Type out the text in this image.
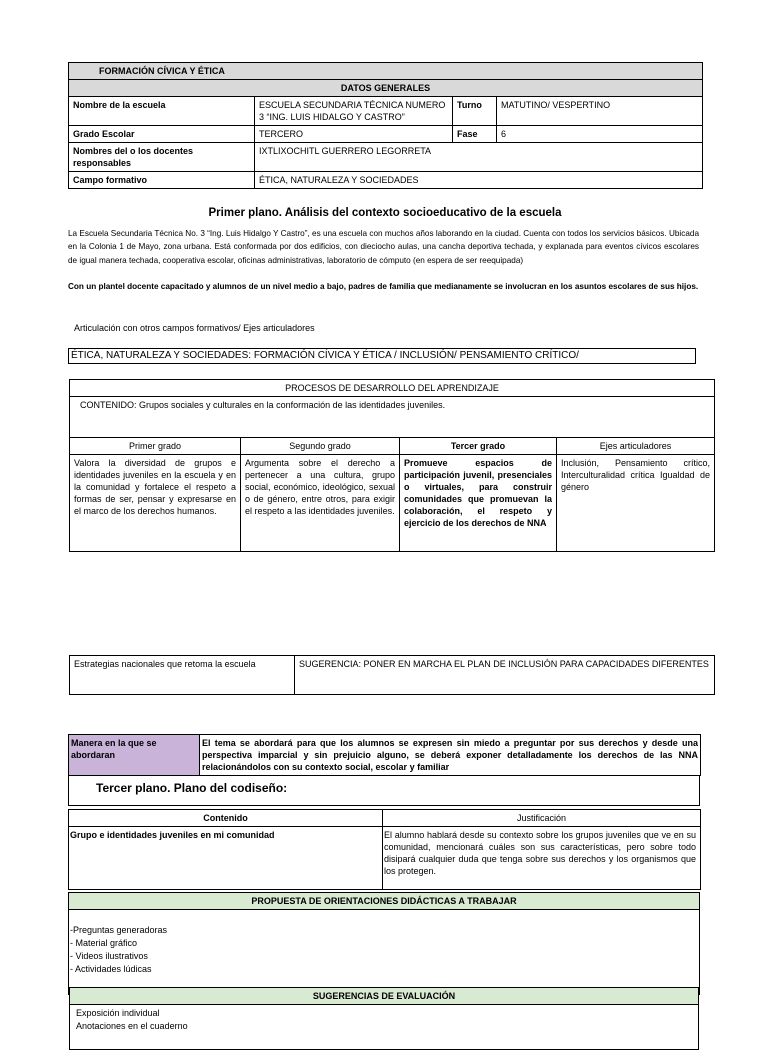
FORMACIÓN CÍVICA Y ÉTICA			
DATOS GENERALES			
Nombre de la escuela	ESCUELA SECUNDARIA TÉCNICA NUMERO
3 “ING. LUIS HIDALGO Y CASTRO”	Turno	MATUTINO/ VESPERTINO
Grado Escolar	TERCERO	Fase	6
Nombres del o los docentes responsables	IXTLIXOCHITL GUERRERO LEGORRETA		
Campo formativo	ÉTICA, NATURALEZA Y SOCIEDADES		
Primer plano. Análisis del contexto socioeducativo de la escuela
La Escuela Secundaria Técnica No. 3 “Ing. Luis Hidalgo Y Castro”, es una escuela con muchos años laborando en la ciudad. Cuenta con todos los servicios básicos. Ubicada en la Colonia 1 de Mayo, zona urbana. Está conformada por dos edificios, con dieciocho aulas, una cancha deportiva techada, y explanada para eventos cívicos escolares de igual manera techada, cooperativa escolar, oficinas administrativas, laboratorio de cómputo (en espera de ser reequipada)
Con un plantel docente capacitado y alumnos de un nivel medio a bajo, padres de familia que medianamente se involucran en los asuntos escolares de sus hijos.
Articulación con otros campos formativos/ Ejes articuladores
ÉTICA, NATURALEZA Y SOCIEDADES: FORMACIÓN CÍVICA Y ÉTICA / INCLUSIÓN/ PENSAMIENTO CRÍTICO/
PROCESOS DE DESARROLLO DEL APRENDIZAJE			
CONTENIDO: Grupos sociales y culturales en la conformación de las identidades juveniles.			
Primer grado	Segundo grado	Tercer grado	Ejes articuladores
Valora la diversidad de grupos e identidades juveniles en la escuela y en la comunidad y fortalece el respeto a formas de ser, pensar y expresarse en el marco de los derechos humanos.	Argumenta sobre el derecho a pertenecer a una cultura, grupo social, económico, ideológico, sexual o de género, entre otros, para exigir el respeto a las identidades juveniles.	Promueve espacios de participación juvenil, presenciales o virtuales, para construir comunidades que promuevan la colaboración, el respeto y ejercicio de los derechos de NNA	Inclusión, Pensamiento crítico, Interculturalidad crítica Igualdad de género
Estrategias nacionales que retoma la escuela	SUGERENCIA: PONER EN MARCHA EL PLAN DE INCLUSIÓN PARA CAPACIDADES DIFERENTES
Manera en la que se abordaran	El tema se abordará para que los alumnos se expresen sin miedo a preguntar por sus derechos y desde una perspectiva imparcial y sin prejuicio alguno, se deberá exponer detalladamente los derechos de las NNA relacionándolos con su contexto social, escolar y familiar
Tercer plano. Plano del codiseño:
Contenido	Justificación
Grupo e identidades juveniles en mi comunidad	El alumno hablará desde su contexto sobre los grupos juveniles que ve en su comunidad, mencionará cuáles son sus características, pero sobre todo disipará cualquier duda que tenga sobre sus derechos y los organismos que los protegen.
PROPUESTA DE ORIENTACIONES DIDÁCTICAS A TRABAJAR

-Preguntas generadoras
- Material gráfico
- Videos ilustrativos
- Actividades lúdicas
SUGERENCIAS DE EVALUACIÓN

Exposición individual
Anotaciones en el cuaderno
